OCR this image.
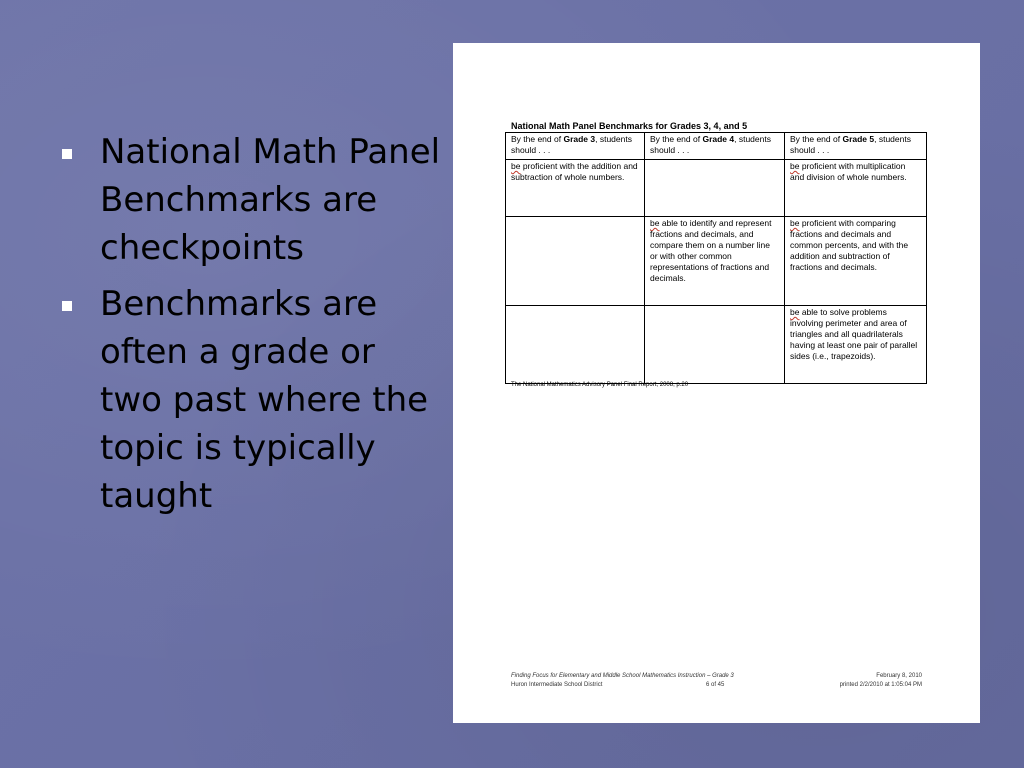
National Math Panel Benchmarks are checkpoints
Benchmarks are often a grade or two past where the topic is typically taught
National Math Panel Benchmarks for Grades 3, 4, and 5
By the end of Grade 3, students should . . .	By the end of Grade 4, students should . . .	By the end of Grade 5, students should . . .
be proficient with the addition and subtraction of whole numbers.		be proficient with multiplication and division of whole numbers.
	be able to identify and represent fractions and decimals, and compare them on a number line or with other common representations of fractions and decimals.	be proficient with comparing fractions and decimals and common percents, and with the addition and subtraction of fractions and decimals.
		be able to solve problems involving perimeter and area of triangles and all quadrilaterals having at least one pair of parallel sides (i.e., trapezoids).
The National Mathematics Advisory Panel Final Report, 2008, p.20
Finding Focus for Elementary and Middle School Mathematics Instruction – Grade 3
Huron Intermediate School District	6 of 45
February 8, 2010
printed 2/2/2010 at 1:05:04 PM
